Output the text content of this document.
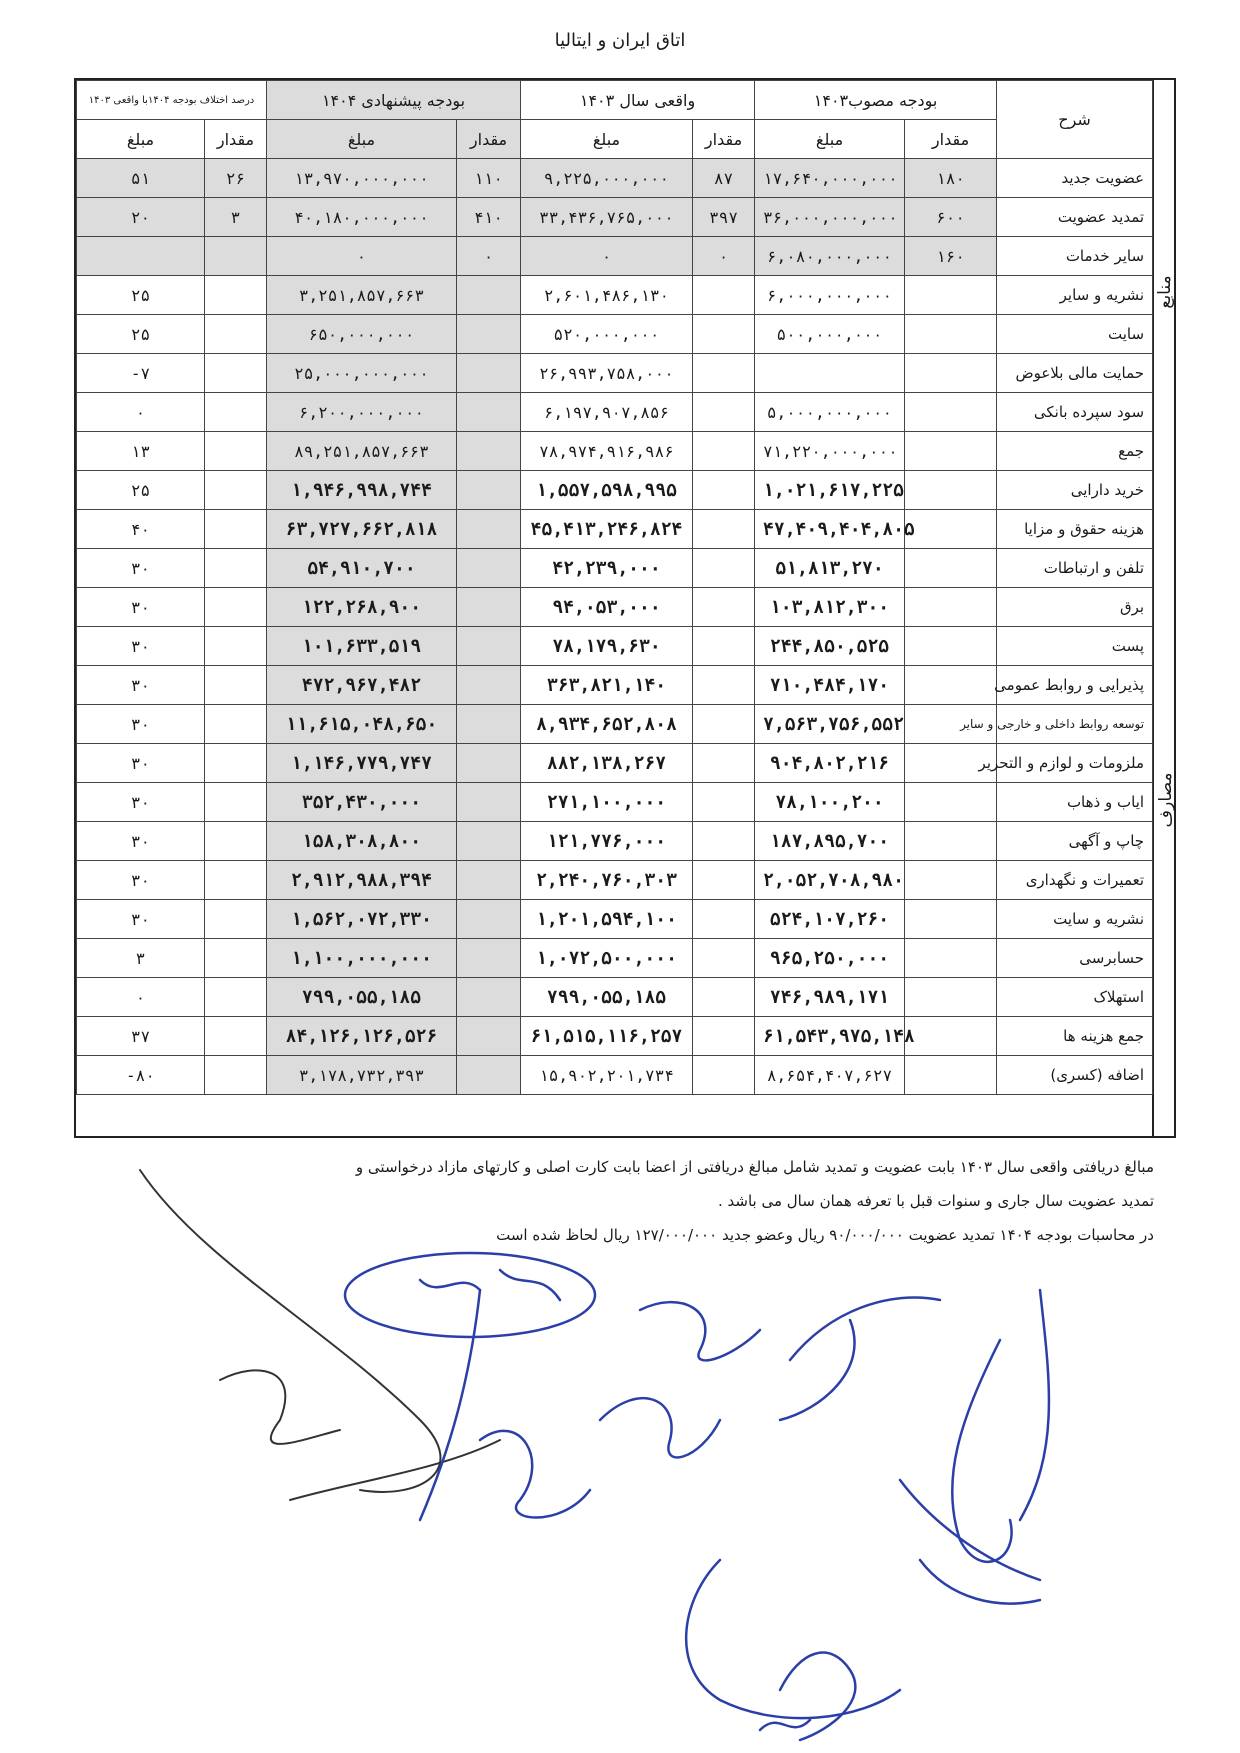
اتاق ایران و ایتالیا
منابع
مصارف
درصد اختلاف بودجه ۱۴۰۴با واقعی ۱۴۰۳		بودجه پیشنهادی ۱۴۰۴		واقعی سال ۱۴۰۳		بودجه مصوب۱۴۰۳		شرح
مبلغ	مقدار	مبلغ	مقدار	مبلغ	مقدار	مبلغ	مقدار	
۵۱	۲۶	۱۳,۹۷۰,۰۰۰,۰۰۰	۱۱۰	۹,۲۲۵,۰۰۰,۰۰۰	۸۷	۱۷,۶۴۰,۰۰۰,۰۰۰	۱۸۰	عضویت جدید
۲۰	۳	۴۰,۱۸۰,۰۰۰,۰۰۰	۴۱۰	۳۳,۴۳۶,۷۶۵,۰۰۰	۳۹۷	۳۶,۰۰۰,۰۰۰,۰۰۰	۶۰۰	تمدید عضویت
		۰	۰	۰	۰	۶,۰۸۰,۰۰۰,۰۰۰	۱۶۰	سایر خدمات
۲۵		۳,۲۵۱,۸۵۷,۶۶۳		۲,۶۰۱,۴۸۶,۱۳۰		۶,۰۰۰,۰۰۰,۰۰۰		نشریه و سایر
۲۵		۶۵۰,۰۰۰,۰۰۰		۵۲۰,۰۰۰,۰۰۰		۵۰۰,۰۰۰,۰۰۰		سایت
-۷		۲۵,۰۰۰,۰۰۰,۰۰۰		۲۶,۹۹۳,۷۵۸,۰۰۰				حمایت مالی بلاعوض
۰		۶,۲۰۰,۰۰۰,۰۰۰		۶,۱۹۷,۹۰۷,۸۵۶		۵,۰۰۰,۰۰۰,۰۰۰		سود سپرده بانکی
۱۳		۸۹,۲۵۱,۸۵۷,۶۶۳		۷۸,۹۷۴,۹۱۶,۹۸۶		۷۱,۲۲۰,۰۰۰,۰۰۰		جمع
۲۵		۱,۹۴۶,۹۹۸,۷۴۴		۱,۵۵۷,۵۹۸,۹۹۵		۱,۰۲۱,۶۱۷,۲۲۵		خرید دارایی
۴۰		۶۳,۷۲۷,۶۶۲,۸۱۸		۴۵,۴۱۳,۲۴۶,۸۲۴		۴۷,۴۰۹,۴۰۴,۸۰۵		هزینه حقوق و مزایا
۳۰		۵۴,۹۱۰,۷۰۰		۴۲,۲۳۹,۰۰۰		۵۱,۸۱۳,۲۷۰		تلفن و ارتباطات
۳۰		۱۲۲,۲۶۸,۹۰۰		۹۴,۰۵۳,۰۰۰		۱۰۳,۸۱۲,۳۰۰		برق
۳۰		۱۰۱,۶۳۳,۵۱۹		۷۸,۱۷۹,۶۳۰		۲۴۴,۸۵۰,۵۲۵		پست
۳۰		۴۷۲,۹۶۷,۴۸۲		۳۶۳,۸۲۱,۱۴۰		۷۱۰,۴۸۴,۱۷۰		پذیرایی و روابط عمومی
۳۰		۱۱,۶۱۵,۰۴۸,۶۵۰		۸,۹۳۴,۶۵۲,۸۰۸		۷,۵۶۳,۷۵۶,۵۵۲		توسعه روابط داخلی و خارجی و سایر
۳۰		۱,۱۴۶,۷۷۹,۷۴۷		۸۸۲,۱۳۸,۲۶۷		۹۰۴,۸۰۲,۲۱۶		ملزومات و لوازم و التحریر
۳۰		۳۵۲,۴۳۰,۰۰۰		۲۷۱,۱۰۰,۰۰۰		۷۸,۱۰۰,۲۰۰		ایاب و ذهاب
۳۰		۱۵۸,۳۰۸,۸۰۰		۱۲۱,۷۷۶,۰۰۰		۱۸۷,۸۹۵,۷۰۰		چاپ و آگهی
۳۰		۲,۹۱۲,۹۸۸,۳۹۴		۲,۲۴۰,۷۶۰,۳۰۳		۲,۰۵۲,۷۰۸,۹۸۰		تعمیرات و نگهداری
۳۰		۱,۵۶۲,۰۷۲,۳۳۰		۱,۲۰۱,۵۹۴,۱۰۰		۵۲۴,۱۰۷,۲۶۰		نشریه و سایت
۳		۱,۱۰۰,۰۰۰,۰۰۰		۱,۰۷۲,۵۰۰,۰۰۰		۹۶۵,۲۵۰,۰۰۰		حسابرسی
۰		۷۹۹,۰۵۵,۱۸۵		۷۹۹,۰۵۵,۱۸۵		۷۴۶,۹۸۹,۱۷۱		استهلاک
۳۷		۸۴,۱۲۶,۱۲۶,۵۲۶		۶۱,۵۱۵,۱۱۶,۲۵۷		۶۱,۵۴۳,۹۷۵,۱۴۸		جمع هزینه ها
-۸۰		۳,۱۷۸,۷۳۲,۳۹۳		۱۵,۹۰۲,۲۰۱,۷۳۴		۸,۶۵۴,۴۰۷,۶۲۷		اضافه (کسری)
مبالغ دریافتی واقعی سال ۱۴۰۳ بابت عضویت و تمدید شامل مبالغ دریافتی از اعضا بابت کارت اصلی و کارتهای مازاد درخواستی و
تمدید عضویت سال جاری و سنوات قبل با تعرفه همان سال می باشد .
در محاسبات بودجه ۱۴۰۴ تمدید عضویت ۹۰/۰۰۰/۰۰۰ ریال وعضو جدید ۱۲۷/۰۰۰/۰۰۰ ریال لحاظ شده است
